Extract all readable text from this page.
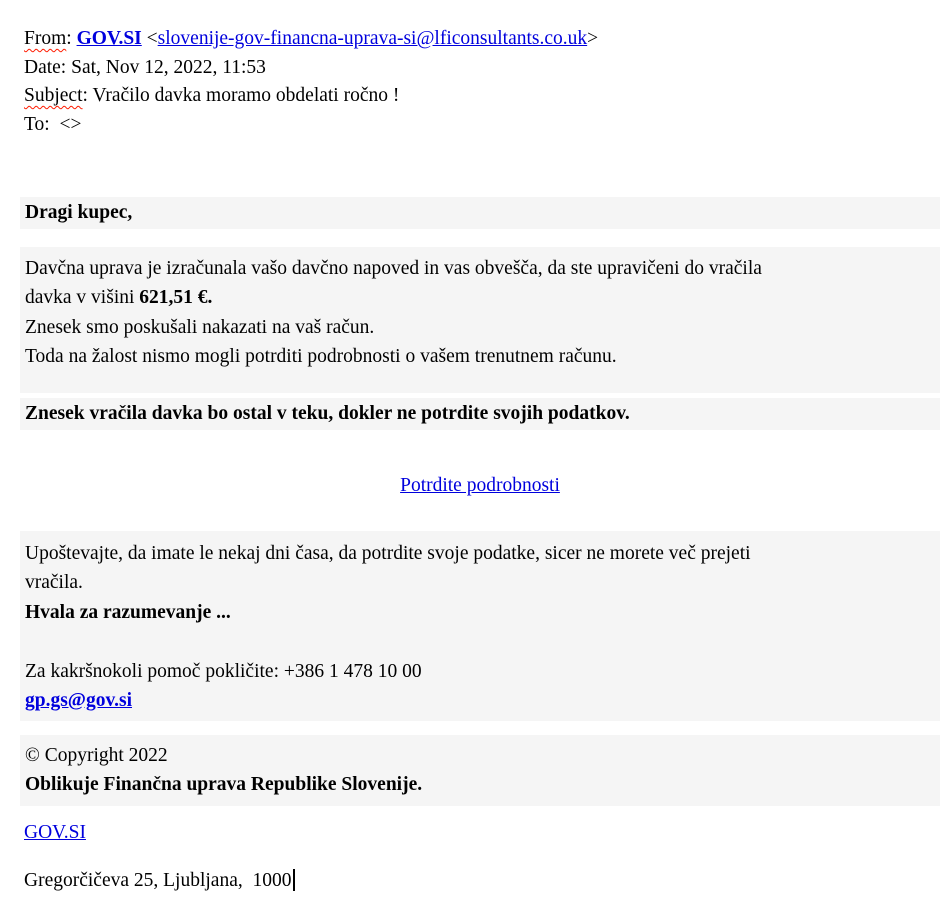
From: GOV.SI <slovenije-gov-financna-uprava-si@lficonsultants.co.uk>
Date: Sat, Nov 12, 2022, 11:53
Subject: Vračilo davka moramo obdelati ročno !
To:  <>
Dragi kupec,
Davčna uprava je izračunala vašo davčno napoved in vas obvešča, da ste upravičeni do vračila
davka v višini 621,51 €.
Znesek smo poskušali nakazati na vaš račun.
Toda na žalost nismo mogli potrditi podrobnosti o vašem trenutnem računu.
Znesek vračila davka bo ostal v teku, dokler ne potrdite svojih podatkov.
Potrdite podrobnosti
Upoštevajte, da imate le nekaj dni časa, da potrdite svoje podatke, sicer ne morete več prejeti
vračila.
Hvala za razumevanje ...
Za kakršnokoli pomoč pokličite: +386 1 478 10 00
gp.gs@gov.si
© Copyright 2022
Oblikuje Finančna uprava Republike Slovenije.
GOV.SI
Gregorčičeva 25, Ljubljana,  1000
